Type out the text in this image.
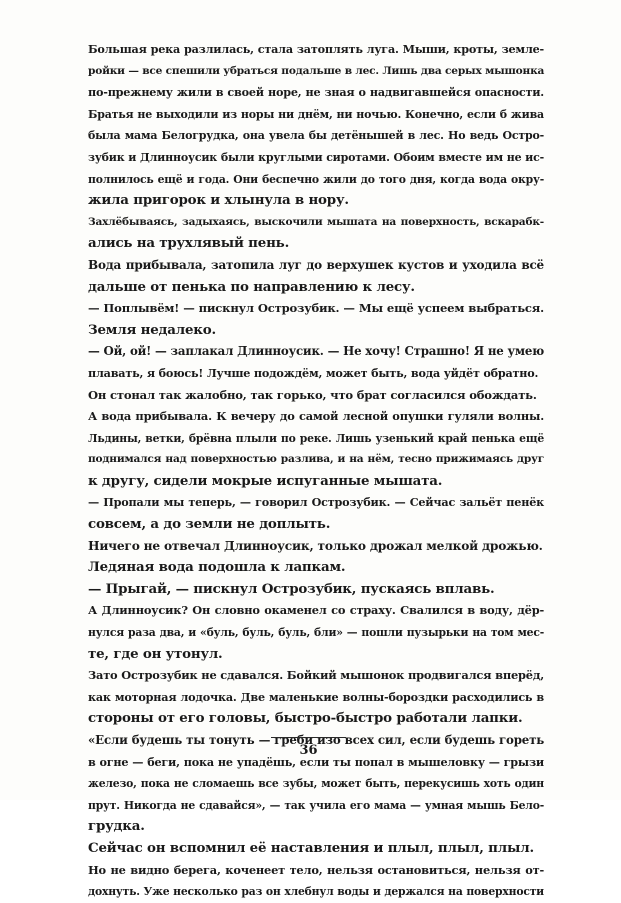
Большая река разлилась, стала затоплять луга. Мыши, кроты, земле-
ройки — все спешили убраться подальше в лес. Лишь два серых мышонка
по-прежнему жили в своей норе, не зная о надвигавшейся опасности.
Братья не выходили из норы ни днём, ни ночью. Конечно, если б жива
была мама Белогрудка, она увела бы детёнышей в лес. Но ведь Остро-
зубик и Длинноусик были круглыми сиротами. Обоим вместе им не ис-
полнилось ещё и года. Они беспечно жили до того дня, когда вода окру-
жила пригорок и хлынула в нору.
Захлёбываясь, задыхаясь, выскочили мышата на поверхность, вскарабк-
ались на трухлявый пень.
Вода прибывала, затопила луг до верхушек кустов и уходила всё
дальше от пенька по направлению к лесу.
— Поплывём! — пискнул Острозубик. — Мы ещё успеем выбраться.
Земля недалеко.
— Ой, ой! — заплакал Длинноусик. — Не хочу! Страшно! Я не умею
плавать, я боюсь! Лучше подождём, может быть, вода уйдёт обратно.
Он стонал так жалобно, так горько, что брат согласился обождать.
А вода прибывала. К вечеру до самой лесной опушки гуляли волны.
Льдины, ветки, брёвна плыли по реке. Лишь узенький край пенька ещё
поднимался над поверхностью разлива, и на нём, тесно прижимаясь друг
к другу, сидели мокрые испуганные мышата.
— Пропали мы теперь, — говорил Острозубик. — Сейчас зальёт пенёк
совсем, а до земли не доплыть.
Ничего не отвечал Длинноусик, только дрожал мелкой дрожью.
Ледяная вода подошла к лапкам.
— Прыгай, — пискнул Острозубик, пускаясь вплавь.
А Длинноусик? Он словно окаменел со страху. Свалился в воду, дёр-
нулся раза два, и «буль, буль, буль, бли» — пошли пузырьки на том мес-
те, где он утонул.
Зато Острозубик не сдавался. Бойкий мышонок продвигался вперёд,
как моторная лодочка. Две маленькие волны-бороздки расходились в
стороны от его головы, быстро-быстро работали лапки.
«Если будешь ты тонуть — греби изо всех сил, если будешь гореть
в огне — беги, пока не упадёшь, если ты попал в мышеловку — грызи
железо, пока не сломаешь все зубы, может быть, перекусишь хоть один
прут. Никогда не сдавайся», — так учила его мама — умная мышь Бело-
грудка.
Сейчас он вспомнил её наставления и плыл, плыл, плыл.
Но не видно берега, коченеет тело, нельзя остановиться, нельзя от-
дохнуть. Уже несколько раз он хлебнул воды и держался на поверхности
36
